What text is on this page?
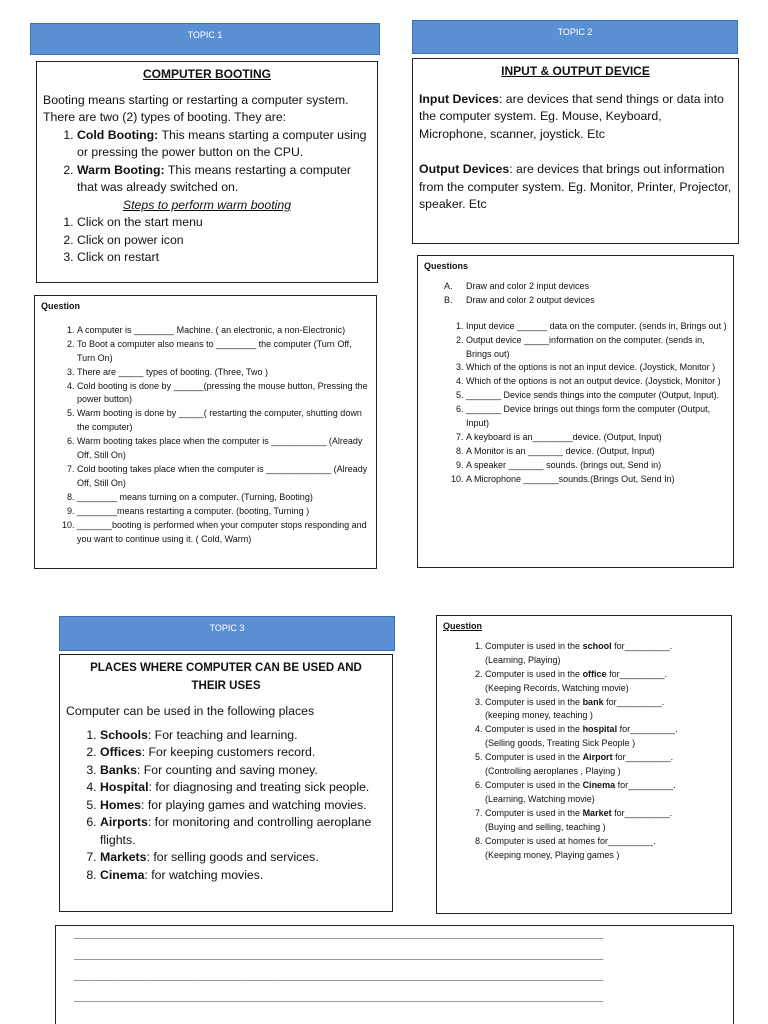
TOPIC 1
COMPUTER BOOTING
Booting means starting or restarting a computer system. There are two (2) types of booting. They are:
1. Cold Booting: This means starting a computer using or pressing the power button on the CPU.
2. Warm Booting: This means restarting a computer that was already switched on.
Steps to perform warm booting
1. Click on the start menu
2. Click on power icon
3. Click on restart
Question
1. A computer is ________ Machine. ( an electronic, a non-Electronic)
2. To Boot a computer also means to ________ the computer (Turn Off, Turn On)
3. There are _____ types of booting. (Three, Two )
4. Cold booting is done by ______(pressing the mouse button, Pressing the power button)
5. Warm booting is done by _____( restarting the computer, shutting down the computer)
6. Warm booting takes place when the computer is ___________ (Already Off, Still On)
7. Cold booting takes place when the computer is _____________ (Already Off, Still On)
8. ________ means turning on a computer. (Turning, Booting)
9. ________means restarting a computer. (booting, Turning )
10. _______booting is performed when your computer stops responding and you want to continue using it. ( Cold, Warm)
TOPIC 2
INPUT & OUTPUT DEVICE
Input Devices: are devices that send things or data into the computer system. Eg. Mouse, Keyboard, Microphone, scanner, joystick. Etc
Output Devices: are devices that brings out information from the computer system. Eg. Monitor, Printer, Projector, speaker. Etc
Questions
A. Draw and color 2 input devices
B. Draw and color 2 output devices
1. Input device ______ data on the computer. (sends in, Brings out )
2. Output device _____information on the computer. (sends in, Brings out)
3. Which of the options is not an input device. (Joystick, Monitor )
4. Which of the options is not an output device. (Joystick, Monitor )
5. _______ Device sends things into the computer (Output, Input).
6. _______ Device brings out things form the computer (Output, Input)
7. A keyboard is an________device. (Output, Input)
8. A Monitor is an _______ device. (Output, Input)
9. A speaker _______ sounds. (brings out, Send in)
10. A Microphone _______sounds.(Brings Out, Send In)
TOPIC 3
PLACES WHERE COMPUTER CAN BE USED AND THEIR USES
Computer can be used in the following places
1. Schools: For teaching and learning.
2. Offices: For keeping customers record.
3. Banks: For counting and saving money.
4. Hospital: for diagnosing and treating sick people.
5. Homes: for playing games and watching movies.
6. Airports: for monitoring and controlling aeroplane flights.
7. Markets: for selling goods and services.
8. Cinema: for watching movies.
Question
1. Computer is used in the school for_________.
(Learning, Playing)
2. Computer is used in the office for_________.
(Keeping Records, Watching movie)
3. Computer is used in the bank for_________.
(keeping money, teaching )
4. Computer is used in the hospital for_________.
(Selling goods, Treating Sick People )
5. Computer is used in the Airport for_________.
(Controlling aeroplanes , Playing )
6. Computer is used in the Cinema for_________.
(Learning, Watching movie)
7. Computer is used in the Market for_________.
(Buying and selling, teaching )
8. Computer is used at homes for_________.
(Keeping money, Playing games )
__________________________________________________________________________________________________
__________________________________________________________________________________________________
__________________________________________________________________________________________________
__________________________________________________________________________________________________
